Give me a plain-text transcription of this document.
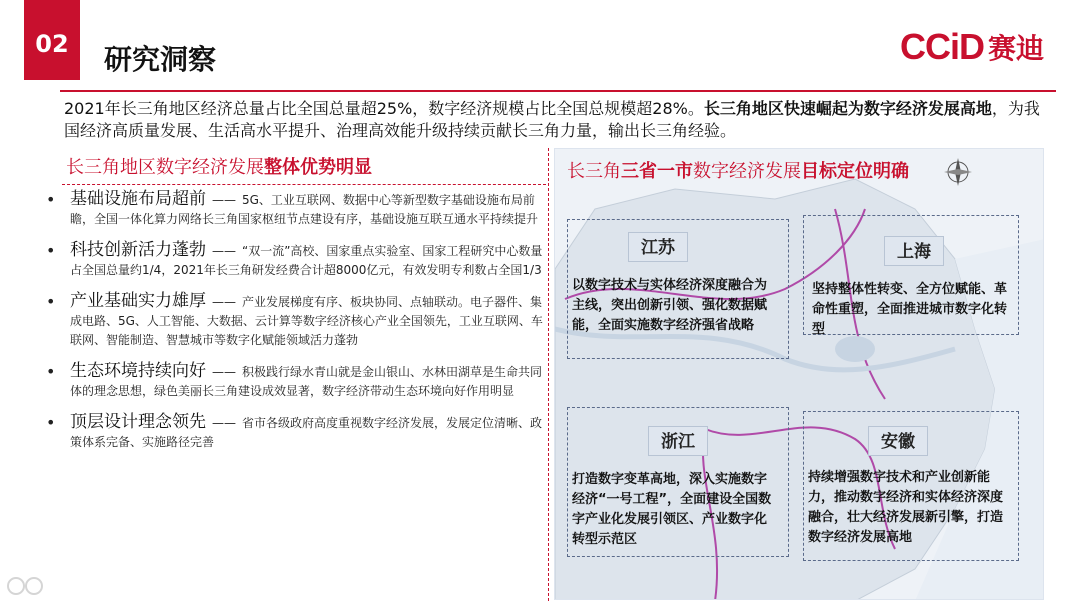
02	研究洞察	CCiD 赛迪
2021年长三角地区经济总量占比全国总量超25%，数字经济规模占比全国总规模超28%。长三角地区快速崛起为数字经济发展高地，为我国经济高质量发展、生活高水平提升、治理高效能升级持续贡献长三角力量，输出长三角经验。
长三角地区数字经济发展整体优势明显
• 基础设施布局超前 —— 5G、工业互联网、数据中心等新型数字基础设施布局前瞻，全国一体化算力网络长三角国家枢纽节点建设有序，基础设施互联互通水平持续提升
• 科技创新活力蓬勃 —— “双一流”高校、国家重点实验室、国家工程研究中心数量占全国总量约1/4，2021年长三角研发经费合计超8000亿元，有效发明专利数占全国1/3
• 产业基础实力雄厚 —— 产业发展梯度有序、板块协同、点轴联动。电子器件、集成电路、5G、人工智能、大数据、云计算等数字经济核心产业全国领先，工业互联网、车联网、智能制造、智慧城市等数字化赋能领域活力蓬勃
• 生态环境持续向好 —— 积极践行绿水青山就是金山银山、水林田湖草是生命共同体的理念思想，绿色美丽长三角建设成效显著，数字经济带动生态环境向好作用明显
• 顶层设计理念领先 —— 省市各级政府高度重视数字经济发展，发展定位清晰、政策体系完备、实施路径完善
长三角三省一市数字经济发展目标定位明确
江苏
以数字技术与实体经济深度融合为主线，突出创新引领、强化数据赋能，全面实施数字经济强省战略
上海
坚持整体性转变、全方位赋能、革命性重塑，全面推进城市数字化转型
浙江
打造数字变革高地，深入实施数字经济“一号工程”，全面建设全国数字产业化发展引领区、产业数字化转型示范区
安徽
持续增强数字技术和产业创新能力，推动数字经济和实体经济深度融合，壮大经济发展新引擎，打造数字经济发展高地
